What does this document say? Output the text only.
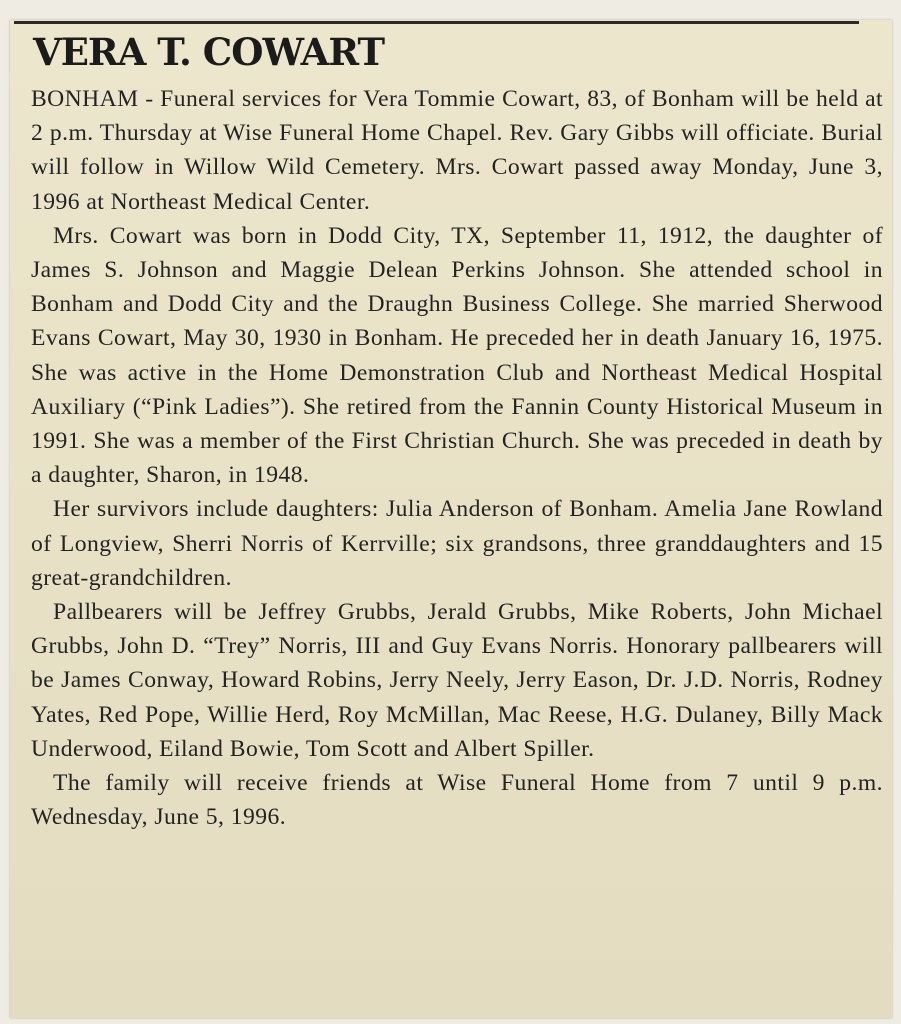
VERA T. COWART

BONHAM - Funeral services for Vera Tommie Cowart, 83, of Bonham will be held at 2 p.m. Thursday at Wise Funeral Home Chapel. Rev. Gary Gibbs will officiate. Burial will follow in Willow Wild Cemetery. Mrs. Cowart passed away Monday, June 3, 1996 at Northeast Medical Center.

Mrs. Cowart was born in Dodd City, TX, September 11, 1912, the daughter of James S. Johnson and Maggie Delean Perkins Johnson. She attended school in Bonham and Dodd City and the Draughn Business College. She married Sherwood Evans Cowart, May 30, 1930 in Bonham. He preceded her in death January 16, 1975. She was active in the Home Demonstration Club and Northeast Medical Hospital Auxiliary (“Pink Ladies”). She retired from the Fannin County Historical Museum in 1991. She was a member of the First Christian Church. She was preceded in death by a daughter, Sharon, in 1948.

Her survivors include daughters: Julia Anderson of Bonham. Amelia Jane Rowland of Longview, Sherri Norris of Kerrville; six grandsons, three granddaughters and 15 great-grandchildren.

Pallbearers will be Jeffrey Grubbs, Jerald Grubbs, Mike Roberts, John Michael Grubbs, John D. “Trey” Norris, III and Guy Evans Norris. Honorary pallbearers will be James Conway, Howard Robins, Jerry Neely, Jerry Eason, Dr. J.D. Norris, Rodney Yates, Red Pope, Willie Herd, Roy McMillan, Mac Reese, H.G. Dulaney, Billy Mack Underwood, Eiland Bowie, Tom Scott and Albert Spiller.

The family will receive friends at Wise Funeral Home from 7 until 9 p.m. Wednesday, June 5, 1996.
